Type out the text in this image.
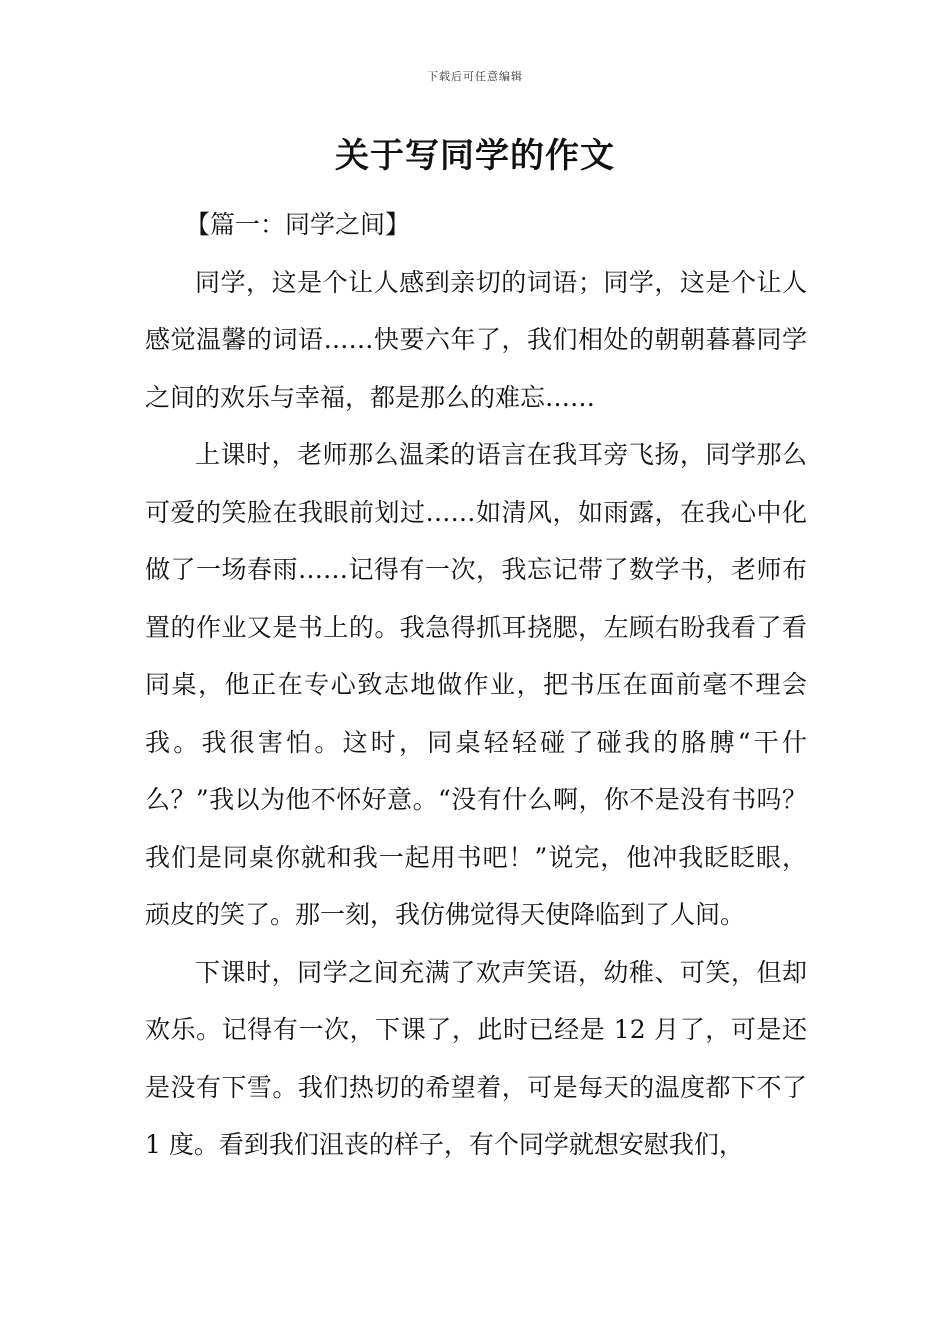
下载后可任意编辑
关于写同学的作文

【篇一：同学之间】

同学，这是个让人感到亲切的词语；同学，这是个让人感觉温馨的词语……快要六年了，我们相处的朝朝暮暮同学之间的欢乐与幸福，都是那么的难忘……

上课时，老师那么温柔的语言在我耳旁飞扬，同学那么可爱的笑脸在我眼前划过……如清风，如雨露，在我心中化做了一场春雨……记得有一次，我忘记带了数学书，老师布置的作业又是书上的。我急得抓耳挠腮，左顾右盼我看了看同桌，他正在专心致志地做作业，把书压在面前毫不理会我。我很害怕。这时，同桌轻轻碰了碰我的胳膊“干什么？”我以为他不怀好意。“没有什么啊，你不是没有书吗？我们是同桌你就和我一起用书吧！”说完，他冲我眨眨眼，顽皮的笑了。那一刻，我仿佛觉得天使降临到了人间。

下课时，同学之间充满了欢声笑语，幼稚、可笑，但却欢乐。记得有一次，下课了，此时已经是 12 月了，可是还是没有下雪。我们热切的希望着，可是每天的温度都下不了 1 度。看到我们沮丧的样子，有个同学就想安慰我们，
